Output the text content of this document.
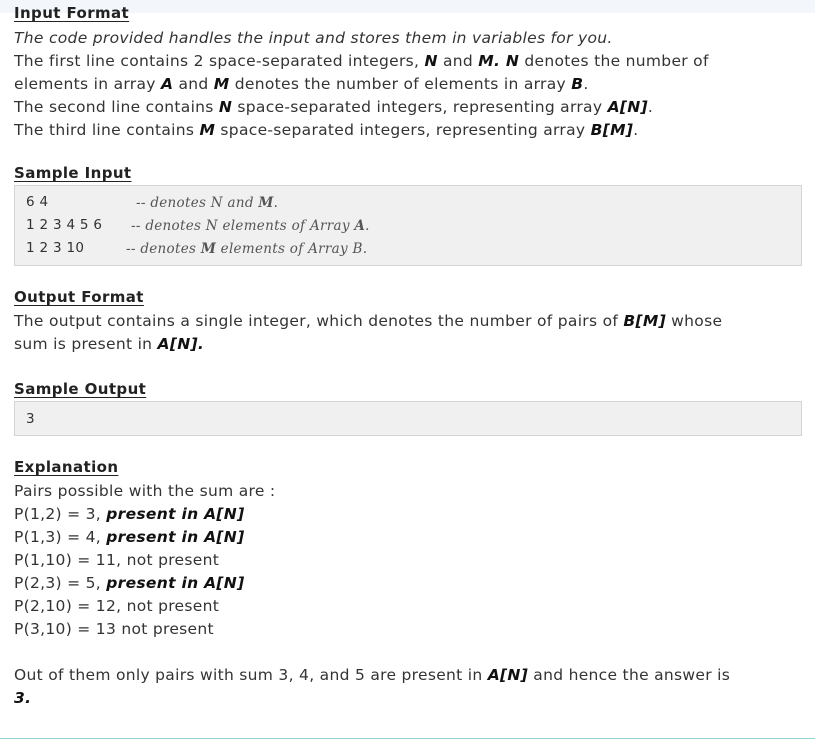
Input Format
The code provided handles the input and stores them in variables for you.
The first line contains 2 space-separated integers, N and M. N denotes the number of
elements in array A and M denotes the number of elements in array B.
The second line contains N space-separated integers, representing array A[N].
The third line contains M space-separated integers, representing array B[M].
Sample Input
6 4	-- denotes N and M.
1 2 3 4 5 6 -- denotes N elements of Array A.
1 2 3 10	-- denotes M elements of Array B.
Output Format
The output contains a single integer, which denotes the number of pairs of B[M] whose
sum is present in A[N].
Sample Output
3
Explanation
Pairs possible with the sum are :
P(1,2) = 3, present in A[N]
P(1,3) = 4, present in A[N]
P(1,10) = 11, not present
P(2,3) = 5, present in A[N]
P(2,10) = 12, not present
P(3,10) = 13 not present
Out of them only pairs with sum 3, 4, and 5 are present in A[N] and hence the answer is
3.
